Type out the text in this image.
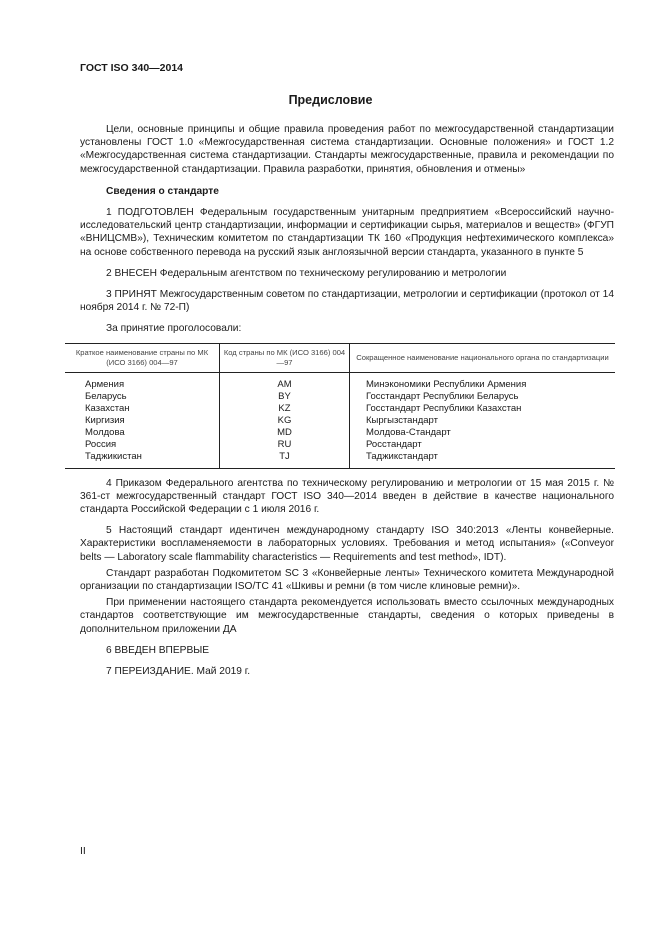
ГОСТ ISO 340—2014
Предисловие

Цели, основные принципы и общие правила проведения работ по межгосударственной стандартизации установлены ГОСТ 1.0 «Межгосударственная система стандартизации. Основные положения» и ГОСТ 1.2 «Межгосударственная система стандартизации. Стандарты межгосударственные, правила и рекомендации по межгосударственной стандартизации. Правила разработки, принятия, обновления и отмены»

Сведения о стандарте

1 ПОДГОТОВЛЕН Федеральным государственным унитарным предприятием «Всероссийский научно-исследовательский центр стандартизации, информации и сертификации сырья, материалов и веществ» (ФГУП «ВНИЦСМВ»), Техническим комитетом по стандартизации ТК 160 «Продукция нефтехимического комплекса» на основе собственного перевода на русский язык англоязычной версии стандарта, указанного в пункте 5

2 ВНЕСЕН Федеральным агентством по техническому регулированию и метрологии

3 ПРИНЯТ Межгосударственным советом по стандартизации, метрологии и сертификации (протокол от 14 ноября 2014 г. № 72-П)

За принятие проголосовали:

Краткое наименование страны по МК (ИСО 3166) 004—97	Код страны по МК (ИСО 3166) 004—97	Сокращенное наименование национального органа по стандартизации
Армения	AM	Минэкономики Республики Армения
Беларусь	BY	Госстандарт Республики Беларусь
Казахстан	KZ	Госстандарт Республики Казахстан
Киргизия	KG	Кыргызстандарт
Молдова	MD	Молдова-Стандарт
Россия	RU	Росстандарт
Таджикистан	TJ	Таджикстандарт

4 Приказом Федерального агентства по техническому регулированию и метрологии от 15 мая 2015 г. № 361-ст межгосударственный стандарт ГОСТ ISO 340—2014 введен в действие в качестве национального стандарта Российской Федерации с 1 июля 2016 г.

5 Настоящий стандарт идентичен международному стандарту ISO 340:2013 «Ленты конвейерные. Характеристики воспламеняемости в лабораторных условиях. Требования и метод испытания» («Conveyor belts — Laboratory scale flammability characteristics — Requirements and test method», IDT).

Стандарт разработан Подкомитетом SC 3 «Конвейерные ленты» Технического комитета Международной организации по стандартизации ISO/TC 41 «Шкивы и ремни (в том числе клиновые ремни)».

При применении настоящего стандарта рекомендуется использовать вместо ссылочных международных стандартов соответствующие им межгосударственные стандарты, сведения о которых приведены в дополнительном приложении ДА

6 ВВЕДЕН ВПЕРВЫЕ

7 ПЕРЕИЗДАНИЕ. Май 2019 г.

II
